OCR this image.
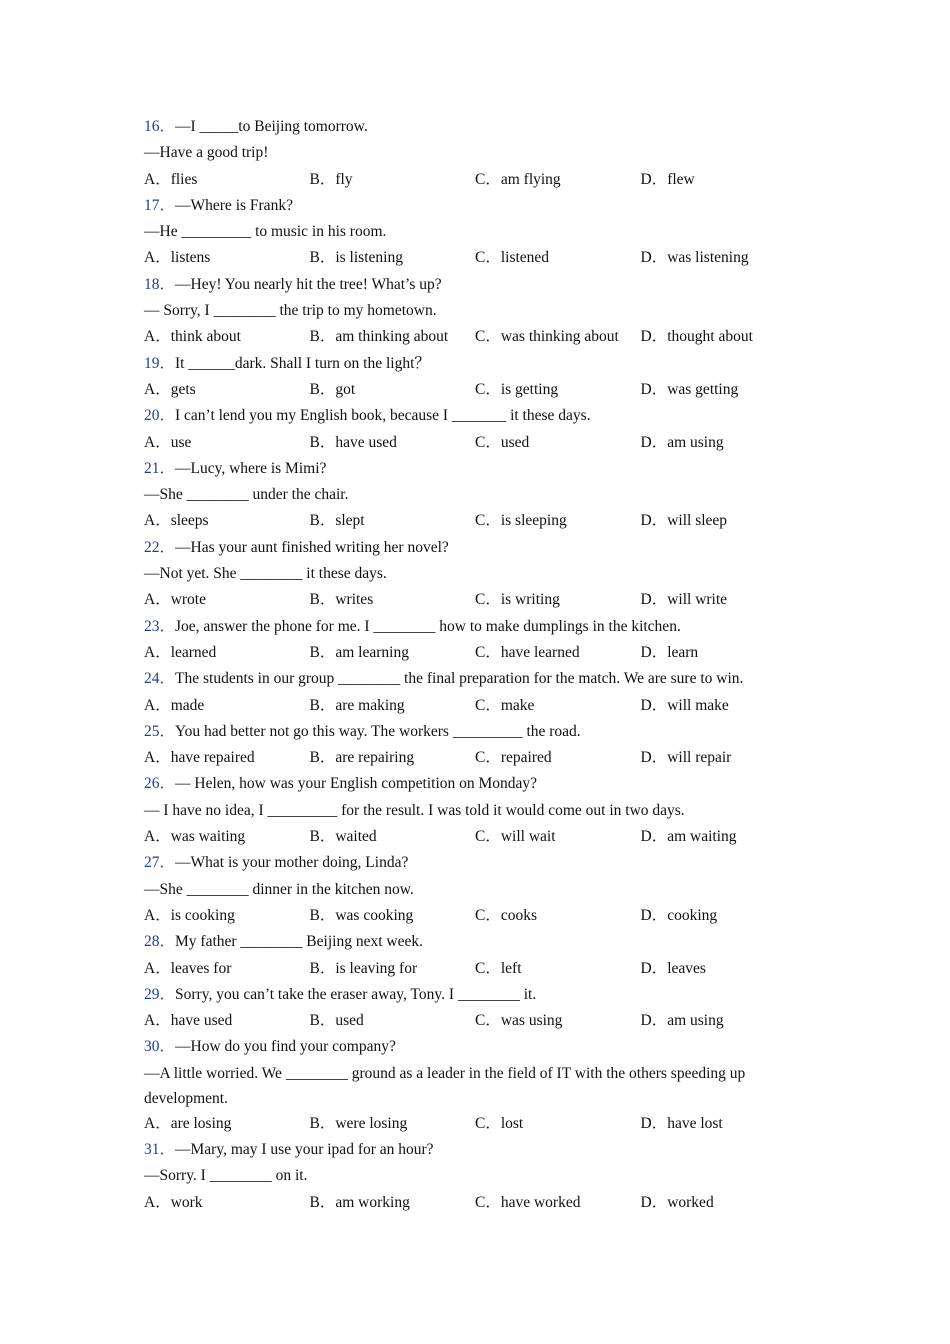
16．—I _____to Beijing tomorrow.
—Have a good trip!
A．flies	B．fly	C．am flying	D．flew
17．—Where is Frank?
—He _________ to music in his room.
A．listens	B．is listening	C．listened	D．was listening
18．—Hey! You nearly hit the tree! What’s up?
— Sorry, I ________ the trip to my hometown.
A．think about	B．am thinking about	C．was thinking about	D．thought about
19．It ______dark. Shall I turn on the light？
A．gets	B．got	C．is getting	D．was getting
20．I can’t lend you my English book, because I _______ it these days.
A．use	B．have used	C．used	D．am using
21．—Lucy, where is Mimi?
—She ________ under the chair.
A．sleeps	B．slept	C．is sleeping	D．will sleep
22．—Has your aunt finished writing her novel?
—Not yet. She ________ it these days.
A．wrote	B．writes	C．is writing	D．will write
23．Joe, answer the phone for me. I ________ how to make dumplings in the kitchen.
A．learned	B．am learning	C．have learned	D．learn
24．The students in our group ________ the final preparation for the match. We are sure to win.
A．made	B．are making	C．make	D．will make
25．You had better not go this way. The workers _________ the road.
A．have repaired	B．are repairing	C．repaired	D．will repair
26．— Helen, how was your English competition on Monday?
— I have no idea, I _________ for the result. I was told it would come out in two days.
A．was waiting	B．waited	C．will wait	D．am waiting
27．—What is your mother doing, Linda?
—She ________ dinner in the kitchen now.
A．is cooking	B．was cooking	C．cooks	D．cooking
28．My father ________ Beijing next week.
A．leaves for	B．is leaving for	C．left	D．leaves
29．Sorry, you can’t take the eraser away, Tony. I ________ it.
A．have used	B．used	C．was using	D．am using
30．—How do you find your company?
—A little worried. We ________ ground as a leader in the field of IT with the others speeding up development.
A．are losing	B．were losing	C．lost	D．have lost
31．—Mary, may I use your ipad for an hour?
—Sorry. I ________ on it.
A．work	B．am working	C．have worked	D．worked
